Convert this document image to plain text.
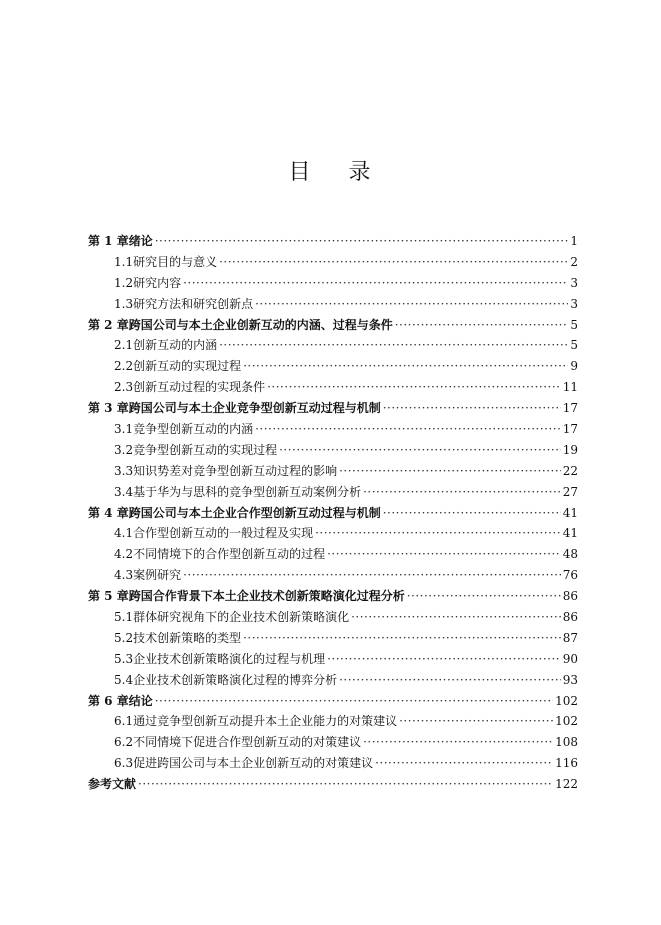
目 录
第 1 章 绪论 ·····	1
1.1 研究目的与意义 ·····	2
1.2 研究内容 ·····	3
1.3 研究方法和研究创新点 ·····	3
第 2 章 跨国公司与本土企业创新互动的内涵、过程与条件 ·····	5
2.1 创新互动的内涵 ·····	5
2.2 创新互动的实现过程 ·····	9
2.3 创新互动过程的实现条件 ·····	11
第 3 章 跨国公司与本土企业竞争型创新互动过程与机制 ·····	17
3.1 竞争型创新互动的内涵 ·····	17
3.2 竞争型创新互动的实现过程 ·····	19
3.3 知识势差对竞争型创新互动过程的影响 ·····	22
3.4 基于华为与思科的竞争型创新互动案例分析 ·····	27
第 4 章 跨国公司与本土企业合作型创新互动过程与机制 ·····	41
4.1 合作型创新互动的一般过程及实现 ·····	41
4.2 不同情境下的合作型创新互动的过程 ·····	48
4.3 案例研究 ·····	76
第 5 章 跨国合作背景下本土企业技术创新策略演化过程分析 ·····	86
5.1 群体研究视角下的企业技术创新策略演化 ·····	86
5.2 技术创新策略的类型 ·····	87
5.3 企业技术创新策略演化的过程与机理 ·····	90
5.4 企业技术创新策略演化过程的博弈分析 ·····	93
第 6 章 结论 ·····	102
6.1 通过竞争型创新互动提升本土企业能力的对策建议 ·····	102
6.2 不同情境下促进合作型创新互动的对策建议 ·····	108
6.3 促进跨国公司与本土企业创新互动的对策建议 ·····	116
参考文献 ·····	122
